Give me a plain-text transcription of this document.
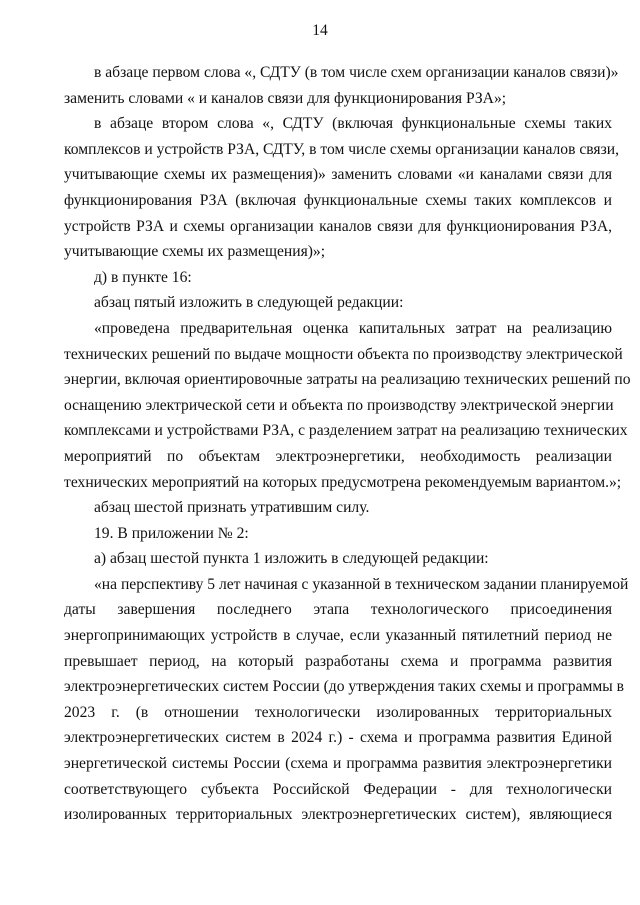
14
в абзаце первом слова «, СДТУ (в том числе схем организации каналов связи)»
заменить словами « и каналов связи для функционирования РЗА»;
в абзаце втором слова «, СДТУ (включая функциональные схемы таких
комплексов и устройств РЗА, СДТУ, в том числе схемы организации каналов связи,
учитывающие схемы их размещения)» заменить словами «и каналами связи для
функционирования РЗА (включая функциональные схемы таких комплексов и
устройств РЗА и схемы организации каналов связи для функционирования РЗА,
учитывающие схемы их размещения)»;
д) в пункте 16:
абзац пятый изложить в следующей редакции:
«проведена предварительная оценка капитальных затрат на реализацию
технических решений по выдаче мощности объекта по производству электрической
энергии, включая ориентировочные затраты на реализацию технических решений по
оснащению электрической сети и объекта по производству электрической энергии
комплексами и устройствами РЗА, с разделением затрат на реализацию технических
мероприятий по объектам электроэнергетики, необходимость реализации
технических мероприятий на которых предусмотрена рекомендуемым вариантом.»;
абзац шестой признать утратившим силу.
19. В приложении № 2:
а) абзац шестой пункта 1 изложить в следующей редакции:
«на перспективу 5 лет начиная с указанной в техническом задании планируемой
даты завершения последнего этапа технологического присоединения
энергопринимающих устройств в случае, если указанный пятилетний период не
превышает период, на который разработаны схема и программа развития
электроэнергетических систем России (до утверждения таких схемы и программы в
2023 г. (в отношении технологически изолированных территориальных
электроэнергетических систем в 2024 г.) - схема и программа развития Единой
энергетической системы России (схема и программа развития электроэнергетики
соответствующего субъекта Российской Федерации - для технологически
изолированных территориальных электроэнергетических систем), являющиеся
